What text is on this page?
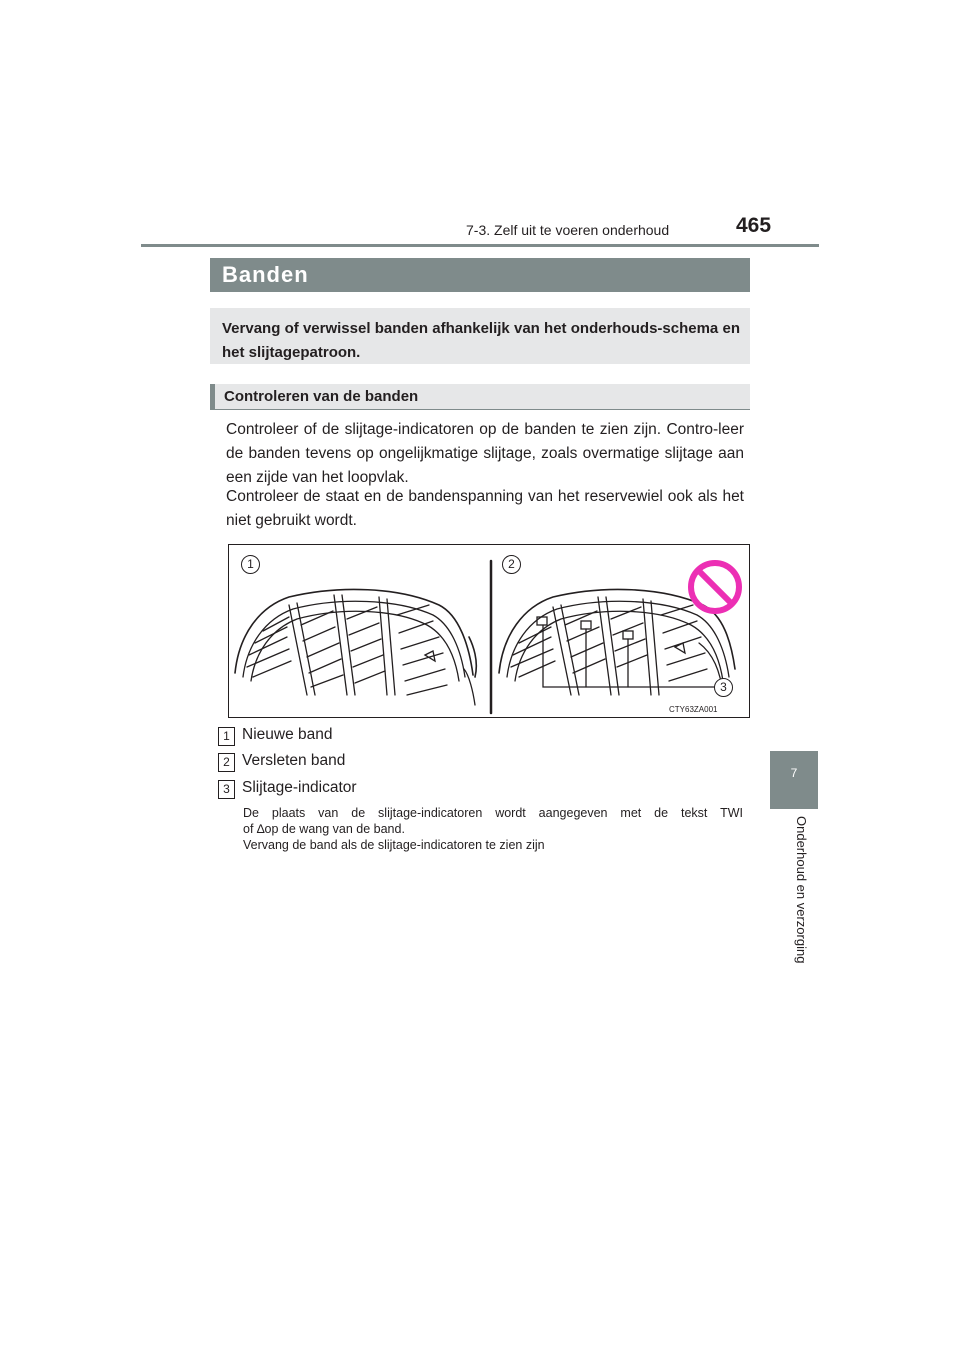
7-3. Zelf uit te voeren onderhoud	465
7
Onderhoud en verzorging
Banden
Vervang of verwissel banden afhankelijk van het onderhouds-schema en het slijtagepatroon.
Controleren van de banden
Controleer of de slijtage-indicatoren op de banden te zien zijn. Contro-leer de banden tevens op ongelijkmatige slijtage, zoals overmatige slijtage aan een zijde van het loopvlak.
Controleer de staat en de bandenspanning van het reservewiel ook als het niet gebruikt wordt.
1	2
3
CTY63ZA001
1 Nieuwe band
2 Versleten band
3 Slijtage-indicator

De plaats van de slijtage-indicatoren wordt aangegeven met de tekst TWI

of ∆op de wang van de band.

Vervang de band als de slijtage-indicatoren te zien zijn
